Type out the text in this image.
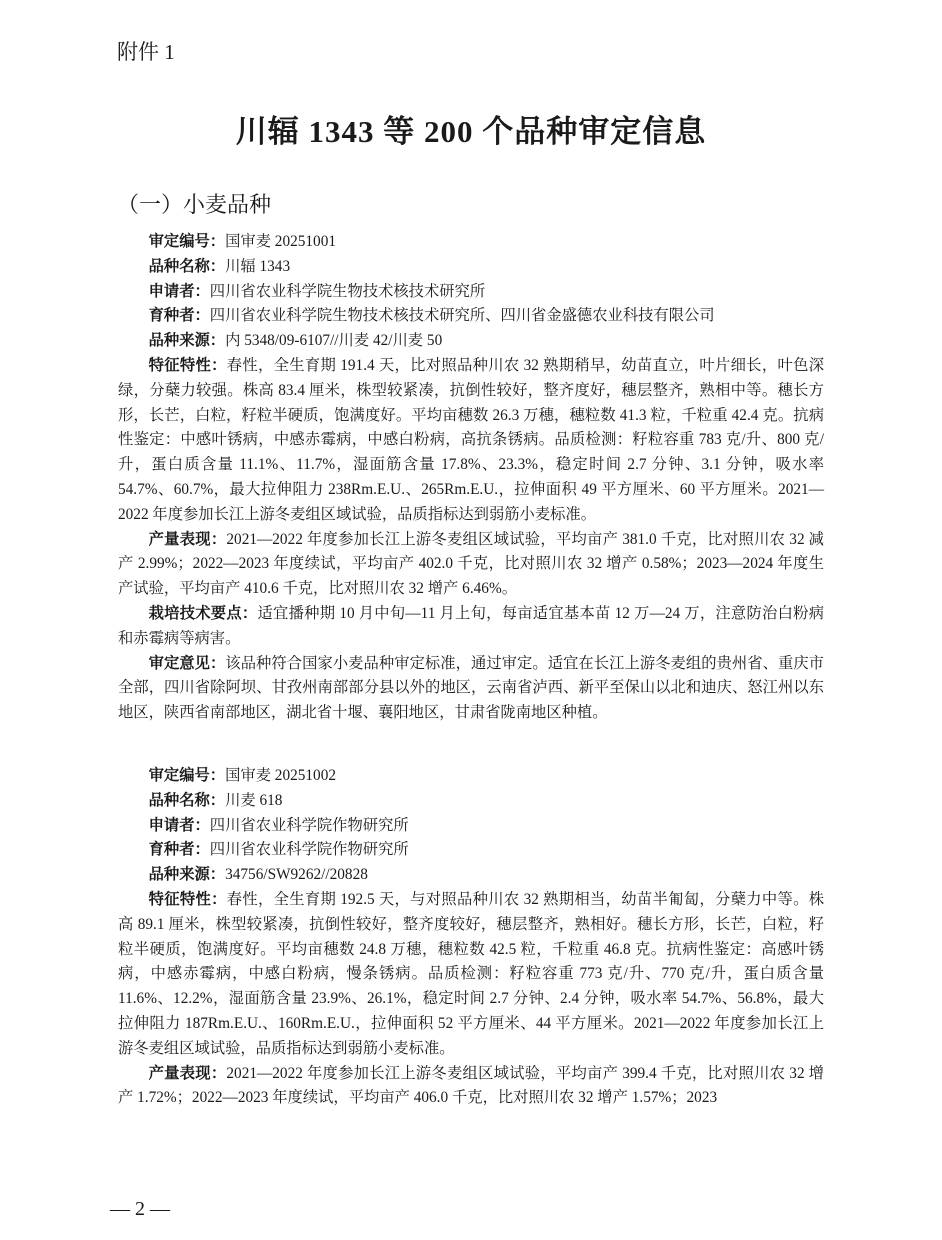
附件 1
川辐 1343 等 200 个品种审定信息
（一）小麦品种

审定编号：国审麦 20251001

品种名称：川辐 1343

申请者：四川省农业科学院生物技术核技术研究所

育种者：四川省农业科学院生物技术核技术研究所、四川省金盛德农业科技有限公司

品种来源：内 5348/09-6107//川麦 42/川麦 50

特征特性：春性，全生育期 191.4 天，比对照品种川农 32 熟期稍早，幼苗直立，叶片细长，叶色深绿，分蘖力较强。株高 83.4 厘米，株型较紧凑，抗倒性较好，整齐度好，穗层整齐，熟相中等。穗长方形，长芒，白粒，籽粒半硬质，饱满度好。平均亩穗数 26.3 万穗，穗粒数 41.3 粒，千粒重 42.4 克。抗病性鉴定：中感叶锈病，中感赤霉病，中感白粉病，高抗条锈病。品质检测：籽粒容重 783 克/升、800 克/升，蛋白质含量 11.1%、11.7%，湿面筋含量 17.8%、23.3%，稳定时间 2.7 分钟、3.1 分钟，吸水率 54.7%、60.7%，最大拉伸阻力 238Rm.E.U.、265Rm.E.U.，拉伸面积 49 平方厘米、60 平方厘米。2021—2022 年度参加长江上游冬麦组区域试验，品质指标达到弱筋小麦标准。

产量表现：2021—2022 年度参加长江上游冬麦组区域试验，平均亩产 381.0 千克，比对照川农 32 减产 2.99%；2022—2023 年度续试，平均亩产 402.0 千克，比对照川农 32 增产 0.58%；2023—2024 年度生产试验，平均亩产 410.6 千克，比对照川农 32 增产 6.46%。

栽培技术要点：适宜播种期 10 月中旬—11 月上旬，每亩适宜基本苗 12 万—24 万，注意防治白粉病和赤霉病等病害。

审定意见：该品种符合国家小麦品种审定标准，通过审定。适宜在长江上游冬麦组的贵州省、重庆市全部，四川省除阿坝、甘孜州南部部分县以外的地区，云南省泸西、新平至保山以北和迪庆、怒江州以东地区，陕西省南部地区，湖北省十堰、襄阳地区，甘肃省陇南地区种植。

审定编号：国审麦 20251002

品种名称：川麦 618

申请者：四川省农业科学院作物研究所

育种者：四川省农业科学院作物研究所

品种来源：34756/SW9262//20828

特征特性：春性，全生育期 192.5 天，与对照品种川农 32 熟期相当，幼苗半匍匐，分蘖力中等。株高 89.1 厘米，株型较紧凑，抗倒性较好，整齐度较好，穗层整齐，熟相好。穗长方形，长芒，白粒，籽粒半硬质，饱满度好。平均亩穗数 24.8 万穗，穗粒数 42.5 粒，千粒重 46.8 克。抗病性鉴定：高感叶锈病，中感赤霉病，中感白粉病，慢条锈病。品质检测：籽粒容重 773 克/升、770 克/升，蛋白质含量 11.6%、12.2%，湿面筋含量 23.9%、26.1%，稳定时间 2.7 分钟、2.4 分钟，吸水率 54.7%、56.8%，最大拉伸阻力 187Rm.E.U.、160Rm.E.U.，拉伸面积 52 平方厘米、44 平方厘米。2021—2022 年度参加长江上游冬麦组区域试验，品质指标达到弱筋小麦标准。

产量表现：2021—2022 年度参加长江上游冬麦组区域试验，平均亩产 399.4 千克，比对照川农 32 增产 1.72%；2022—2023 年度续试，平均亩产 406.0 千克，比对照川农 32 增产 1.57%；2023

— 2 —
